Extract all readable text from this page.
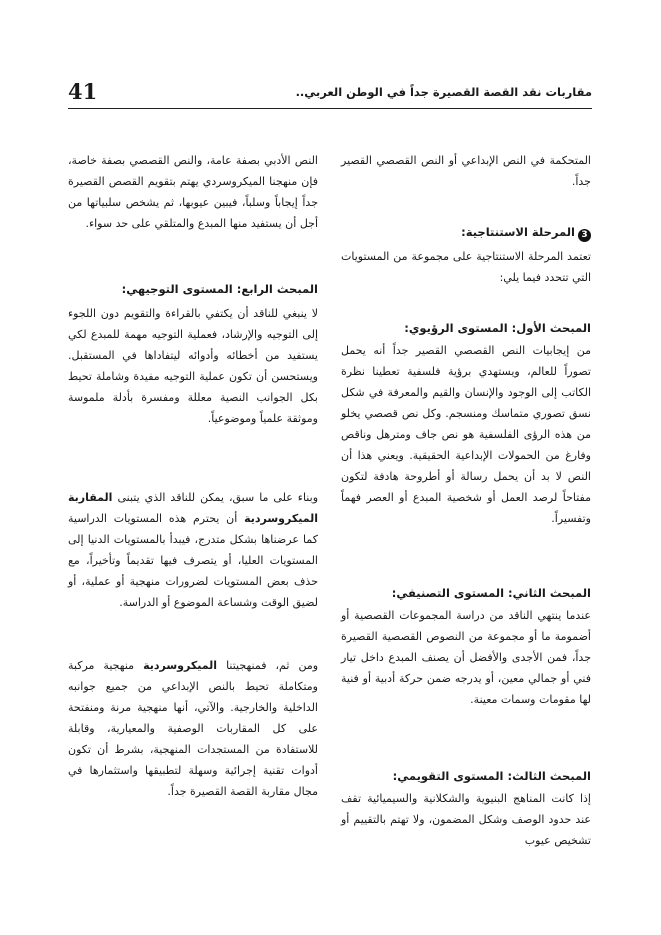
41	مقاربات نقد القصة القصيرة جداً في الوطن العربي..

المتحكمة في النص الإبداعي أو النص القصصي القصير جداً.

3المرحلة الاستنتاجية:

تعتمد المرحلة الاستنتاجية على مجموعة من المستويات التي تتحدد فيما يلي:

المبحث الأول: المستوى الرؤيوي:

من إيجابيات النص القصصي القصير جداً أنه يحمل تصوراً للعالم، ويستهدي برؤية فلسفية تعطينا نظرة الكاتب إلى الوجود والإنسان والقيم والمعرفة في شكل نسق تصوري متماسك ومنسجم. وكل نص قصصي يخلو من هذه الرؤى الفلسفية هو نص جاف ومترهل وناقص وفارغ من الحمولات الإبداعية الحقيقية. ويعني هذا أن النص لا بد أن يحمل رسالة أو أطروحة هادفة لتكون مفتاحاً لرصد العمل أو شخصية المبدع أو العصر فهماً وتفسيراً.

المبحث الثاني: المستوى التصنيفي:

عندما ينتهي الناقد من دراسة المجموعات القصصية أو أضمومة ما أو مجموعة من النصوص القصصية القصيرة جداً، فمن الأجدى والأفضل أن يصنف المبدع داخل تيار فني أو جمالي معين، أو يدرجه ضمن حركة أدبية أو فنية لها مقومات وسمات معينة.

المبحث الثالث: المستوى التقويمي:

إذا كانت المناهج البنيوية والشكلانية والسيميائية تقف عند حدود الوصف وشكل المضمون، ولا تهتم بالتقييم أو تشخيص عيوب

النص الأدبي بصفة عامة، والنص القصصي بصفة خاصة، فإن منهجنا الميكروسردي يهتم بتقويم القصص القصيرة جداً إيجاباً وسلباً، فيبين عيوبها، ثم يشخص سلبياتها من أجل أن يستفيد منها المبدع والمتلقي على حد سواء.

المبحث الرابع: المستوى التوجيهي:

لا ينبغي للناقد أن يكتفي بالقراءة والتقويم دون اللجوء إلى التوجيه والإرشاد، فعملية التوجيه مهمة للمبدع لكي يستفيد من أخطائه وأدوائه ليتفاداها في المستقبل. ويستحسن أن تكون عملية التوجيه مفيدة وشاملة تحيط بكل الجوانب النصية معللة ومفسرة بأدلة ملموسة وموثقة علمياً وموضوعياً.

وبناء على ما سبق، يمكن للناقد الذي يتبنى المقاربة الميكروسردية أن يحترم هذه المستويات الدراسية كما عرضناها بشكل متدرج، فيبدأ بالمستويات الدنيا إلى المستويات العليا، أو يتصرف فيها تقديماً وتأخيراً، مع حذف بعض المستويات لضرورات منهجية أو عملية، أو لضيق الوقت وشساعة الموضوع أو الدراسة.

ومن ثم، فمنهجيتنا الميكروسردية منهجية مركبة ومتكاملة تحيط بالنص الإبداعي من جميع جوانبه الداخلية والخارجية. والآتي، أنها منهجية مرنة ومنفتحة على كل المقاربات الوصفية والمعيارية، وقابلة للاستفادة من المستجدات المنهجية، بشرط أن تكون أدوات تقنية إجرائية وسهلة لتطبيقها واستثمارها في مجال مقاربة القصة القصيرة جداً.
